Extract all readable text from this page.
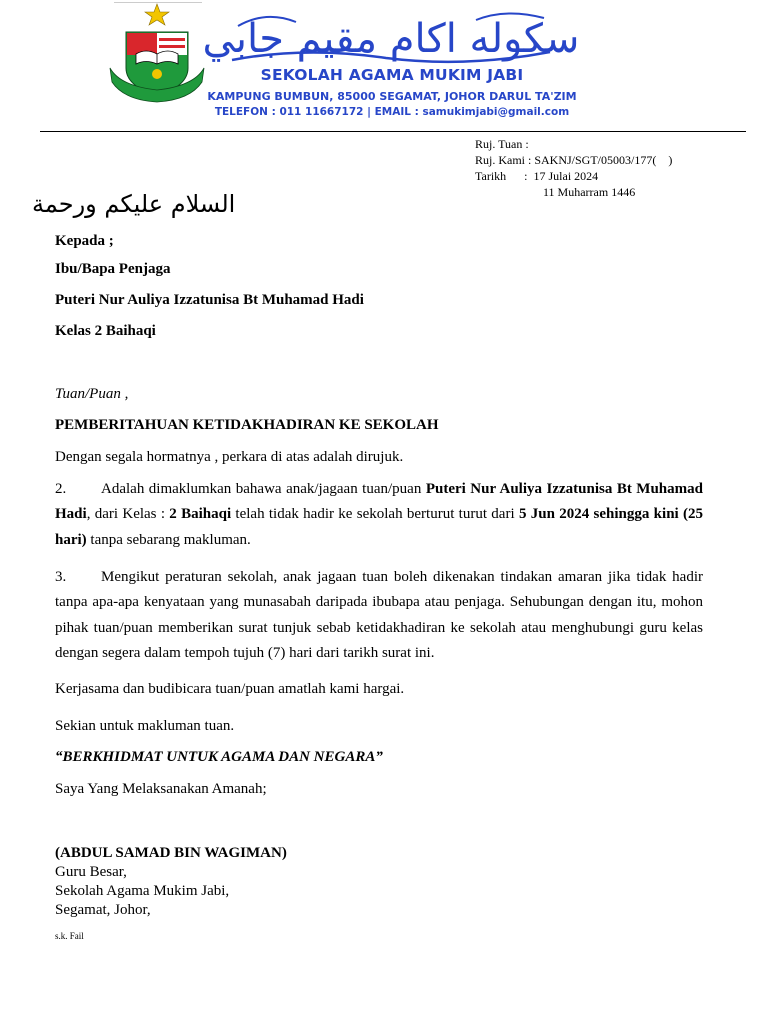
سکوله اکام مقيم جابي
SEKOLAH AGAMA MUKIM JABI
KAMPUNG BUMBUN, 85000 SEGAMAT, JOHOR DARUL TA'ZIM
TELEFON : 011 11667172 | EMAIL : samukimjabi@gmail.com
Ruj. Tuan :
Ruj. Kami : SAKNJ/SGT/05003/177(    )
Tarikh      :  17 Julai 2024
11 Muharram 1446
السلام عليكم ورحمة
Kepada ;
Ibu/Bapa Penjaga
Puteri Nur Auliya Izzatunisa Bt Muhamad Hadi
Kelas 2 Baihaqi
Tuan/Puan ,
PEMBERITAHUAN KETIDAKHADIRAN KE SEKOLAH
Dengan segala hormatnya , perkara di atas adalah dirujuk.
2. Adalah dimaklumkan bahawa anak/jagaan tuan/puan Puteri Nur Auliya Izzatunisa Bt Muhamad Hadi, dari Kelas : 2 Baihaqi telah tidak hadir ke sekolah berturut turut dari 5 Jun 2024 sehingga kini (25 hari) tanpa sebarang makluman.
3. Mengikut peraturan sekolah, anak jagaan tuan boleh dikenakan tindakan amaran jika tidak hadir tanpa apa-apa kenyataan yang munasabah daripada ibubapa atau penjaga. Sehubungan dengan itu, mohon pihak tuan/puan memberikan surat tunjuk sebab ketidakhadiran ke sekolah atau menghubungi guru kelas dengan segera dalam tempoh tujuh (7) hari dari tarikh surat ini.
Kerjasama dan budibicara tuan/puan amatlah kami hargai.
Sekian untuk makluman tuan.
“BERKHIDMAT UNTUK AGAMA DAN NEGARA”
Saya Yang Melaksanakan Amanah;
(ABDUL SAMAD BIN WAGIMAN)
Guru Besar,
Sekolah Agama Mukim Jabi,
Segamat, Johor,
s.k. Fail
